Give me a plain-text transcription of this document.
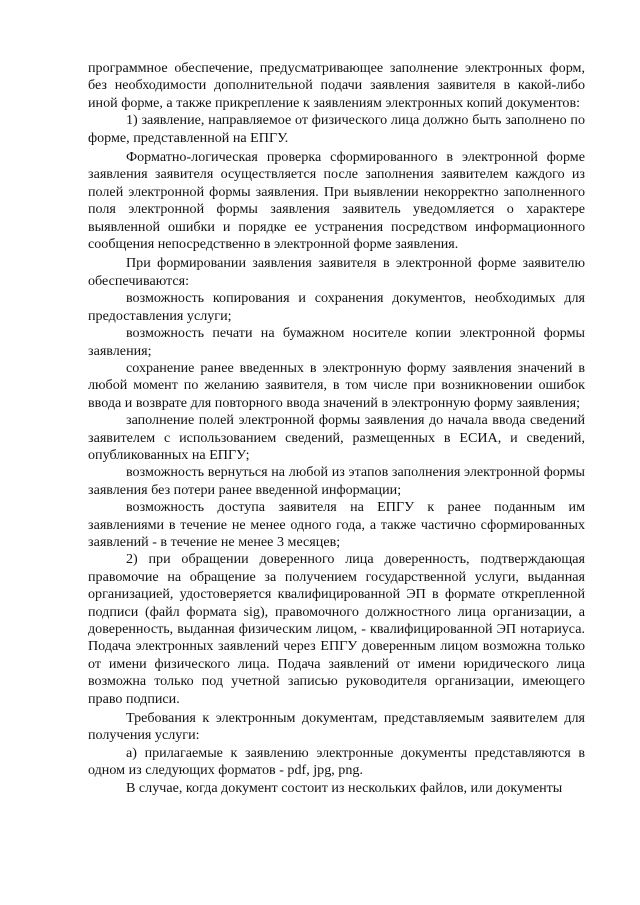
программное обеспечение, предусматривающее заполнение электронных форм, без необходимости дополнительной подачи заявления заявителя в какой-либо иной форме, а также прикрепление к заявлениям электронных копий документов:

1) заявление, направляемое от физического лица должно быть заполнено по форме, представленной на ЕПГУ.

Форматно-логическая проверка сформированного в электронной форме заявления заявителя осуществляется после заполнения заявителем каждого из полей электронной формы заявления. При выявлении некорректно заполненного поля электронной формы заявления заявитель уведомляется о характере выявленной ошибки и порядке ее устранения посредством информационного сообщения непосредственно в электронной форме заявления.

При формировании заявления заявителя в электронной форме заявителю обеспечиваются:

возможность копирования и сохранения документов, необходимых для предоставления услуги;

возможность печати на бумажном носителе копии электронной формы заявления;

сохранение ранее введенных в электронную форму заявления значений в любой момент по желанию заявителя, в том числе при возникновении ошибок ввода и возврате для повторного ввода значений в электронную форму заявления;

заполнение полей электронной формы заявления до начала ввода сведений заявителем с использованием сведений, размещенных в ЕСИА, и сведений, опубликованных на ЕПГУ;

возможность вернуться на любой из этапов заполнения электронной формы заявления без потери ранее введенной информации;

возможность доступа заявителя на ЕПГУ к ранее поданным им заявлениями в течение не менее одного года, а также частично сформированных заявлений - в течение не менее 3 месяцев;

2) при обращении доверенного лица доверенность, подтверждающая правомочие на обращение за получением государственной услуги, выданная организацией, удостоверяется квалифицированной ЭП в формате открепленной подписи (файл формата sig), правомочного должностного лица организации, а доверенность, выданная физическим лицом, - квалифицированной ЭП нотариуса. Подача электронных заявлений через ЕПГУ доверенным лицом возможна только от имени физического лица. Подача заявлений от имени юридического лица возможна только под учетной записью руководителя организации, имеющего право подписи.

Требования к электронным документам, представляемым заявителем для получения услуги:

а) прилагаемые к заявлению электронные документы представляются в одном из следующих форматов - pdf, jpg, png.

В случае, когда документ состоит из нескольких файлов, или документы
